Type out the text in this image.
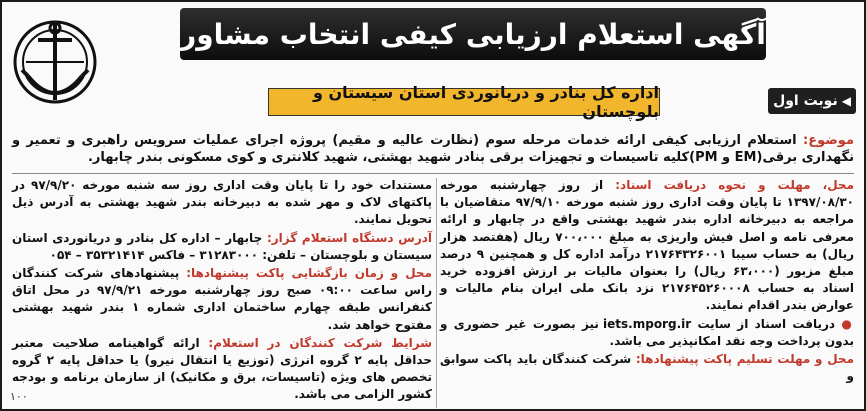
آگهی استعلام ارزیابی کیفی انتخاب مشاور
◀
نوبت اول
اداره کل بنادر و دریانوردی استان سیستان و بلوچستان
موضوع: استعلام ارزیابی کیفی ارائه خدمات مرحله سوم (نظارت عالیه و مقیم) پروژه اجرای عملیات سرویس راهبری و تعمیر و نگهداری برقی(EM و PM)کلیه تاسیسات و تجهیزات برقی بنادر شهید بهشتی، شهید کلانتری و کوی مسکونی بندر چابهار.
محل، مهلت و نحوه دریافت اسناد: از روز چهارشنبه مورخه ۱۳۹۷/۰۸/۳۰ تا پایان وقت اداری روز شنبه مورخه ۹۷/۹/۱۰ متقاضیان با مراجعه به دبیرخانه اداره بندر شهید بهشتی واقع در چابهار و ارائه معرفی نامه و اصل فیش واریزی به مبلغ ۷۰۰،۰۰۰ ریال (هفتصد هزار ریال) به حساب سیبا ۲۱۷۶۴۳۲۶۰۰۱ درآمد اداره کل و همچنین ۹ درصد مبلغ مزبور (۶۳،۰۰۰ ریال) را بعنوان مالیات بر ارزش افزوده خرید اسناد به حساب ۲۱۷۶۴۵۲۶۰۰۰۸ نزد بانک ملی ایران بنام مالیات و عوارض بندر اقدام نمایند.
● دریافت اسناد از سایت iets.mporg.ir نیز بصورت غیر حضوری و بدون پرداخت وجه نقد امکانپذیر می باشد.
محل و مهلت تسلیم پاکت پیشنهادها: شرکت کنندگان باید پاکت سوابق و
مستندات خود را تا پایان وقت اداری روز سه شنبه مورخه ۹۷/۹/۲۰ در پاکتهای لاک و مهر شده به دبیرخانه بندر شهید بهشتی به آدرس ذیل تحویل نمایند.
آدرس دستگاه استعلام گزار: چابهار – اداره کل بنادر و دریانوردی استان سیستان و بلوچستان – تلفن: ۳۱۲۸۳۰۰۰ – فاکس ۳۵۳۲۱۴۱۴ – ۰۵۴
محل و زمان بازگشایی پاکت پیشنهادها: پیشنهادهای شرکت کنندگان راس ساعت ۰۹:۰۰ صبح روز چهارشنبه مورخه ۹۷/۹/۲۱ در محل اتاق کنفرانس طبقه چهارم ساختمان اداری شماره ۱ بندر شهید بهشتی مفتوح خواهد شد.
شرایط شرکت کنندگان در استعلام: ارائه گواهینامه صلاحیت معتبر حداقل پایه ۲ گروه انرژی (توزیع یا انتقال نیرو) یا حداقل پایه ۲ گروه تخصص های ویژه (تاسیسات، برق و مکانیک) از سازمان برنامه و بودجه کشور الزامی می باشد.
۱۰۰
